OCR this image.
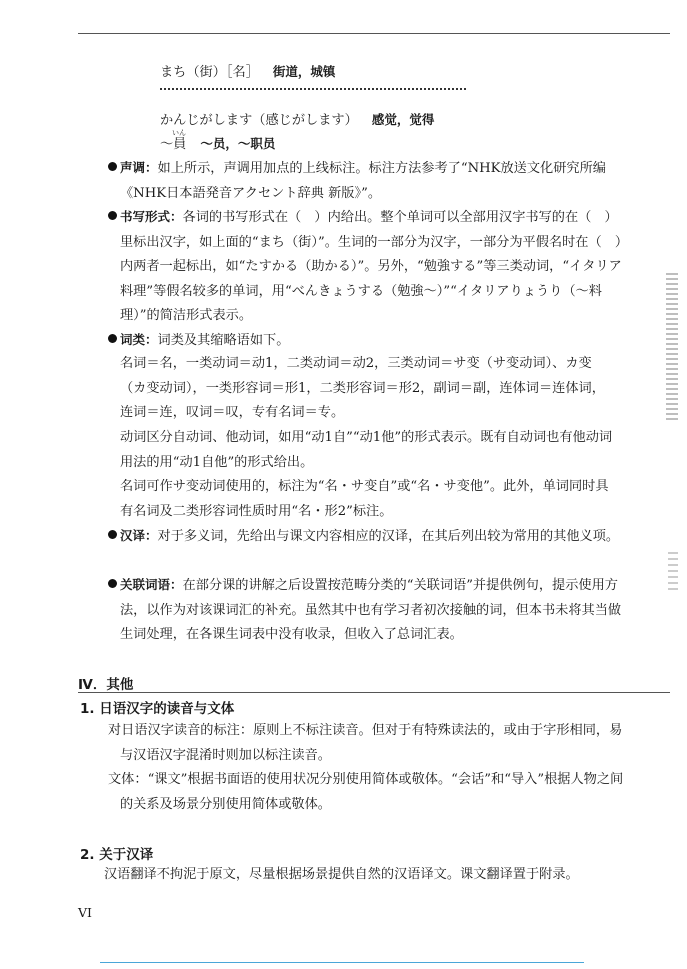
まち（街）［名］ 街道，城镇
かんじがします（感じがします） 感觉，觉得
いん
～員 ～员，～职员
声调：如上所示，声调用加点的上线标注。标注方法参考了“NHK放送文化研究所编《NHK日本語発音アクセント辞典 新版》”。
书写形式：各词的书写形式在（　）内给出。整个单词可以全部用汉字书写的在（　）里标出汉字，如上面的“まち（街）”。生词的一部分为汉字，一部分为平假名时在（　）内两者一起标出，如“たすかる（助かる）”。另外，“勉強する”等三类动词，“イタリア料理”等假名较多的单词，用“べんきょうする（勉強～）”“イタリアりょうり（～料理）”的简洁形式表示。
词类：词类及其缩略语如下。
名词＝名，一类动词＝动1，二类动词＝动2，三类动词＝サ变（サ变动词）、カ变（カ变动词），一类形容词＝形1，二类形容词＝形2，副词＝副，连体词＝连体词，连词＝连，叹词＝叹，专有名词＝专。
动词区分自动词、他动词，如用“动1自”“动1他”的形式表示。既有自动词也有他动词用法的用“动1自他”的形式给出。
名词可作サ变动词使用的，标注为“名・サ变自”或“名・サ变他”。此外，单词同时具有名词及二类形容词性质时用“名・形2”标注。
汉译：对于多义词，先给出与课文内容相应的汉译，在其后列出较为常用的其他义项。
关联词语：在部分课的讲解之后设置按范畴分类的“关联词语”并提供例句，提示使用方法，以作为对该课词汇的补充。虽然其中也有学习者初次接触的词，但本书未将其当做生词处理，在各课生词表中没有收录，但收入了总词汇表。
Ⅳ．其他
1. 日语汉字的读音与文体
对日语汉字读音的标注：原则上不标注读音。但对于有特殊读法的，或由于字形相同，易与汉语汉字混淆时则加以标注读音。
文体：“课文”根据书面语的使用状况分别使用简体或敬体。“会话”和“导入”根据人物之间的关系及场景分别使用简体或敬体。
2. 关于汉译
汉语翻译不拘泥于原文，尽量根据场景提供自然的汉语译文。课文翻译置于附录。
VI
